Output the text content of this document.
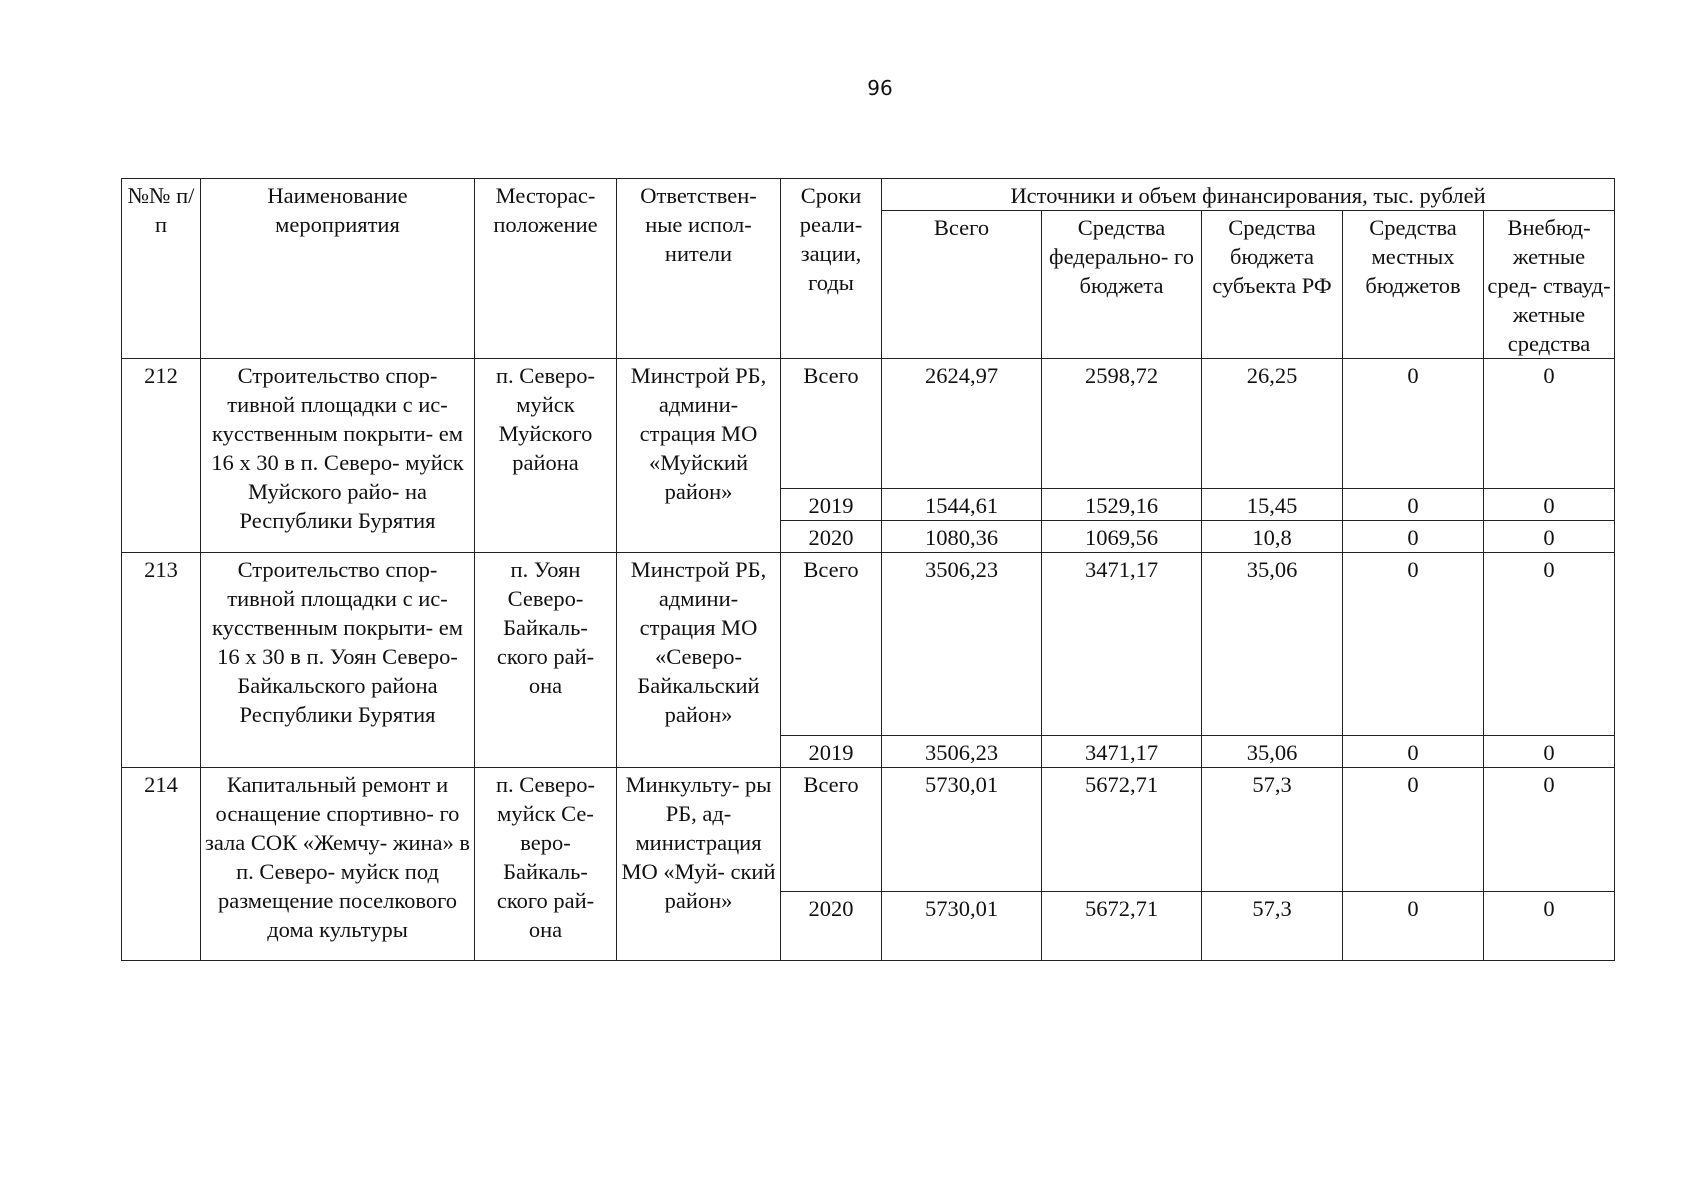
96
№№ п/п	Наименование мероприятия	Месторас- положение	Ответствен- ные испол- нители	Сроки реали- зации, годы	Источники и объем финансирования, тыс. рублей				
					Всего	Средства федерально- го бюджета	Средства бюджета субъекта РФ	Средства местных бюджетов	Внебюд- жетные сред- ствауд- жетные средства
212	Строительство спор- тивной площадки с ис- кусственным покрыти- ем 16 х 30 в п. Северо- муйск Муйского райо- на Республики Бурятия	п. Северо- муйск Муйского района	Минстрой РБ, админи- страция МО «Муйский район»	Всего	2624,97	2598,72	26,25	0	0
				2019	1544,61	1529,16	15,45	0	0
				2020	1080,36	1069,56	10,8	0	0
213	Строительство спор- тивной площадки с ис- кусственным покрыти- ем 16 х 30 в п. Уоян Северо-Байкальского района Республики Бурятия	п. Уоян Северо- Байкаль- ского рай- она	Минстрой РБ, админи- страция МО «Северо- Байкальский район»	Всего	3506,23	3471,17	35,06	0	0
				2019	3506,23	3471,17	35,06	0	0
214	Капитальный ремонт и оснащение спортивно- го зала СОК «Жемчу- жина» в п. Северо- муйск под размещение поселкового дома культуры	п. Северо- муйск Се- веро- Байкаль- ского рай- она	Минкульту- ры РБ, ад- министрация МО «Муй- ский район»	Всего	5730,01	5672,71	57,3	0	0
				2020	5730,01	5672,71	57,3	0	0
